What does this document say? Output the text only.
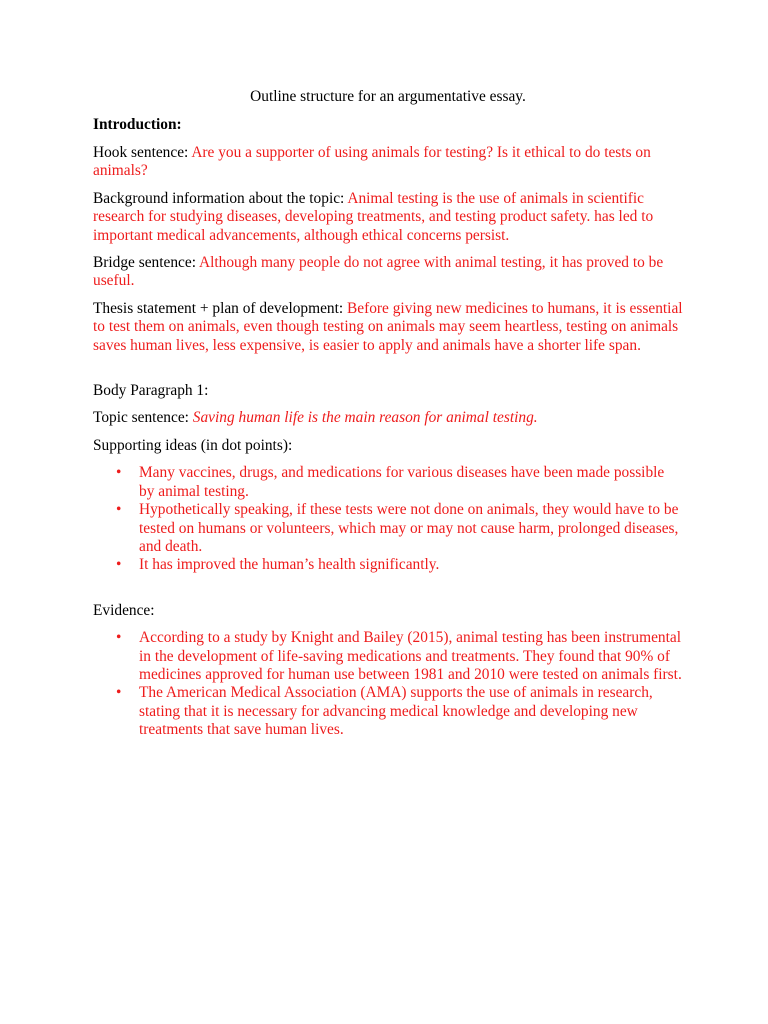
Outline structure for an argumentative essay.
Introduction:

Hook sentence: Are you a supporter of using animals for testing? Is it ethical to do tests on animals?

Background information about the topic: Animal testing is the use of animals in scientific research for studying diseases, developing treatments, and testing product safety. has led to important medical advancements, although ethical concerns persist.

Bridge sentence: Although many people do not agree with animal testing, it has proved to be useful.

Thesis statement + plan of development: Before giving new medicines to humans, it is essential to test them on animals, even though testing on animals may seem heartless, testing on animals saves human lives, less expensive, is easier to apply and animals have a shorter life span.

Body Paragraph 1:

Topic sentence: Saving human life is the main reason for animal testing.

Supporting ideas (in dot points):

• Many vaccines, drugs, and medications for various diseases have been made possible by animal testing.
• Hypothetically speaking, if these tests were not done on animals, they would have to be tested on humans or volunteers, which may or may not cause harm, prolonged diseases, and death.
• It has improved the human’s health significantly.

Evidence:

• According to a study by Knight and Bailey (2015), animal testing has been instrumental in the development of life-saving medications and treatments. They found that 90% of medicines approved for human use between 1981 and 2010 were tested on animals first.
• The American Medical Association (AMA) supports the use of animals in research, stating that it is necessary for advancing medical knowledge and developing new treatments that save human lives.
